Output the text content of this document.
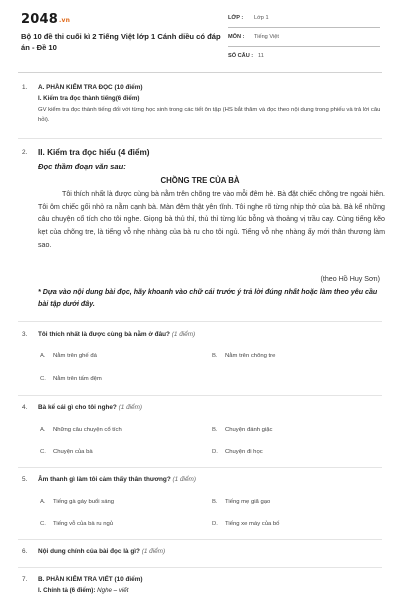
2048.vn
Bộ 10 đề thi cuối kì 2 Tiếng Việt lớp 1 Cánh diều có đáp án - Đề 10
LỚP : Lớp 1
MÔN : Tiếng Việt
SỐ CÂU : 11
1. A. PHẦN KIỂM TRA ĐỌC (10 điểm)
I. Kiểm tra đọc thành tiếng(6 điểm)
GV kiểm tra đọc thành tiếng đối với từng học sinh trong các tiết ôn tập (HS bắt thăm và đọc theo nội dung trong phiếu và trả lời câu hỏi).
2. II. Kiểm tra đọc hiểu (4 điểm)
Đọc thầm đoạn văn sau:
CHỒNG TRE CỦA BÀ
Tôi thích nhất là được cùng bà nằm trên chõng tre vào mỗi đêm hè. Bà đặt chiếc chõng tre ngoài hiên. Tôi ôm chiếc gối nhỏ ra nằm cạnh bà. Màn đêm thật yên tĩnh. Tôi nghe rõ từng nhịp thở của bà. Bà kể những câu chuyện cổ tích cho tôi nghe. Giọng bà thủ thỉ, thủ thỉ từng lúc bỗng và thoảng vị trầu cay. Cùng tiếng kẽo kẹt của chõng tre, là tiếng vỗ nhẹ nhàng của bà ru cho tôi ngủ. Tiếng vỗ nhẹ nhàng ấy mới thân thương làm sao.
(theo Hồ Huy Sơn)
* Dựa vào nội dung bài đọc, hãy khoanh vào chữ cái trước ý trả lời đúng nhất hoặc làm theo yêu cầu bài tập dưới đây.
3. Tôi thích nhất là được cùng bà nằm ở đâu? (1 điểm)
A. Nằm trên ghế đá	B. Nằm trên chõng tre
C. Nằm trên tấm đệm
4. Bà kể cái gì cho tôi nghe? (1 điểm)
A. Những câu chuyện cổ tích	B. Chuyện đánh giặc
C. Chuyện của bà	D. Chuyện đi học
5. Âm thanh gì làm tôi cảm thấy thân thương? (1 điểm)
A. Tiếng gà gáy buổi sáng	B. Tiếng mẹ giã gạo
C. Tiếng vỗ của bà ru ngủ	D. Tiếng xe máy của bố
6. Nội dung chính của bài đọc là gì? (1 điểm)
7. B. PHẦN KIỂM TRA VIẾT (10 điểm)
I. Chính tả (6 điểm): Nghe – viết
